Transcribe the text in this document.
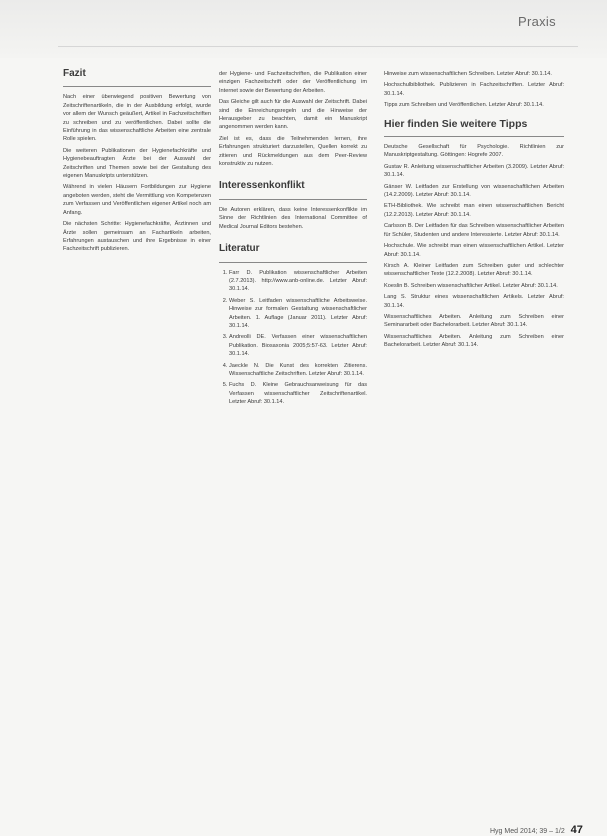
Praxis
Fazit

Nach einer überwiegend positiven Bewertung von Zeitschriftenartikeln, die in der Ausbildung erfolgt, wurde vor allem der Wunsch geäußert, Artikel in Fachzeitschriften zu schreiben und zu veröffentlichen. Dabei sollte die Einführung in das wissenschaftliche Arbeiten eine zentrale Rolle spielen.

Die weiteren Publikationen der Hygienefachkräfte und Hygienebeauftragten Ärzte bei der Auswahl der Zeitschriften und Themen sowie bei der Gestaltung des eigenen Manuskripts unterstützen.

Während in vielen Häusern Fortbildungen zur Hygiene angeboten werden, steht die Vermittlung von Kompetenzen zum Verfassen und Veröffentlichen eigener Artikel noch am Anfang.

Die nächsten Schritte: Hygienefachkräfte, Ärztinnen und Ärzte sollen gemeinsam an Fachartikeln arbeiten, Erfahrungen austauschen und ihre Ergebnisse in einer Fachzeitschrift publizieren.

der Hygiene- und Fachzeitschriften, die Publikation einer einzigen Fachzeitschrift oder der Veröffentlichung im Internet sowie der Bewertung der Arbeiten.

Das Gleiche gilt auch für die Auswahl der Zeitschrift. Dabei sind die Einreichungsregeln und die Hinweise der Herausgeber zu beachten, damit ein Manuskript angenommen werden kann.

Ziel ist es, dass die Teilnehmenden lernen, ihre Erfahrungen strukturiert darzustellen, Quellen korrekt zu zitieren und Rückmeldungen aus dem Peer-Review konstruktiv zu nutzen.

Interessenkonflikt

Die Autoren erklären, dass keine Interessenkonflikte im Sinne der Richtlinien des International Committee of Medical Journal Editors bestehen.

Literatur
1. Farr D. Publikation wissenschaftlicher Arbeiten (2.7.2013). http://www.anb-online.de. Letzter Abruf: 30.1.14.
2. Weber S. Leitfaden wissenschaftliche Arbeitsweise. Hinweise zur formalen Gestaltung wissenschaftlicher Arbeiten. 1. Auflage (Januar 2011). Letzter Abruf: 30.1.14.
3. Andreolli DE. Verfassen einer wissenschaftlichen Publikation. Biosaxonia 2005;5:57-63. Letzter Abruf: 30.1.14.
4. Jaeckle N. Die Kunst des korrekten Zitierens. Wissenschaftliche Zeitschriften. Letzter Abruf: 30.1.14.
5. Fuchs D. Kleine Gebrauchsanweisung für das Verfassen wissenschaftlicher Zeitschriftenartikel. Letzter Abruf: 30.1.14.
Hinweise zum wissenschaftlichen Schreiben. Letzter Abruf: 30.1.14.
Hochschulbibliothek. Publizieren in Fachzeitschriften. Letzter Abruf: 30.1.14.
Tipps zum Schreiben und Veröffentlichen. Letzter Abruf: 30.1.14.
Hier finden Sie weitere Tipps
Deutsche Gesellschaft für Psychologie. Richtlinien zur Manuskriptgestaltung. Göttingen: Hogrefe 2007.
Gustav R. Anleitung wissenschaftlicher Arbeiten (3.2009). Letzter Abruf: 30.1.14.
Gänser W. Leitfaden zur Erstellung von wissenschaftlichen Arbeiten (14.2.2009). Letzter Abruf: 30.1.14.
ETH-Bibliothek. Wie schreibt man einen wissenschaftlichen Bericht (12.2.2013). Letzter Abruf: 30.1.14.
Carlsson B. Der Leitfaden für das Schreiben wissenschaftlicher Arbeiten für Schüler, Studenten und andere Interessierte. Letzter Abruf: 30.1.14.
Hochschule. Wie schreibt man einen wissenschaftlichen Artikel. Letzter Abruf: 30.1.14.
Kirsch A. Kleiner Leitfaden zum Schreiben guter und schlechter wissenschaftlicher Texte (12.2.2008). Letzter Abruf: 30.1.14.
Koeslin B. Schreiben wissenschaftlicher Artikel. Letzter Abruf: 30.1.14.
Lang S. Struktur eines wissenschaftlichen Artikels. Letzter Abruf: 30.1.14.
Wissenschaftliches Arbeiten. Anleitung zum Schreiben einer Seminararbeit oder Bachelorarbeit. Letzter Abruf: 30.1.14.
Wissenschaftliches Arbeiten. Anleitung zum Schreiben einer Bachelorarbeit. Letzter Abruf: 30.1.14.
Hyg Med 2014; 39 – 1/2 47
